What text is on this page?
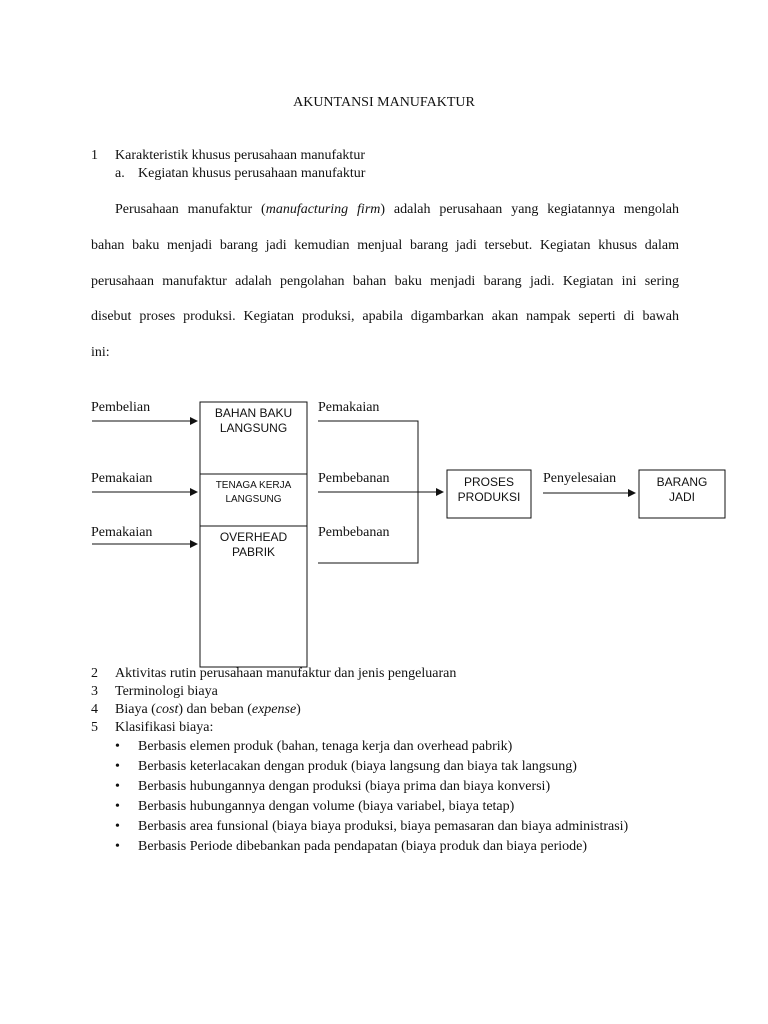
AKUNTANSI MANUFAKTUR
1 Karakteristik khusus perusahaan manufaktur
a. Kegiatan khusus perusahaan manufaktur

Perusahaan manufaktur (manufacturing firm) adalah perusahaan yang kegiatannya mengolah

bahan baku menjadi barang jadi kemudian menjual barang jadi tersebut. Kegiatan khusus dalam

perusahaan manufaktur adalah pengolahan bahan baku menjadi barang jadi. Kegiatan ini sering

disebut proses produksi. Kegiatan produksi, apabila digambarkan akan nampak seperti di bawah

ini:

Pembelian
Pemakaian
Pemakaian
BAHAN BAKU
LANGSUNG
TENAGA KERJA
LANGSUNG
OVERHEAD
PABRIK
Pemakaian
Pembebanan
Pembebanan
PROSES
PRODUKSI
Penyelesaian	BARANG
JADI
2 Aktivitas rutin perusahaan manufaktur dan jenis pengeluaran
3 Terminologi biaya
4 Biaya (cost) dan beban (expense)
5 Klasifikasi biaya:
• Berbasis elemen produk (bahan, tenaga kerja dan overhead pabrik)
• Berbasis keterlacakan dengan produk (biaya langsung dan biaya tak langsung)
• Berbasis hubungannya dengan produksi (biaya prima dan biaya konversi)
• Berbasis hubungannya dengan volume (biaya variabel, biaya tetap)
• Berbasis area funsional (biaya biaya produksi, biaya pemasaran dan biaya administrasi)
• Berbasis Periode dibebankan pada pendapatan (biaya produk dan biaya periode)
